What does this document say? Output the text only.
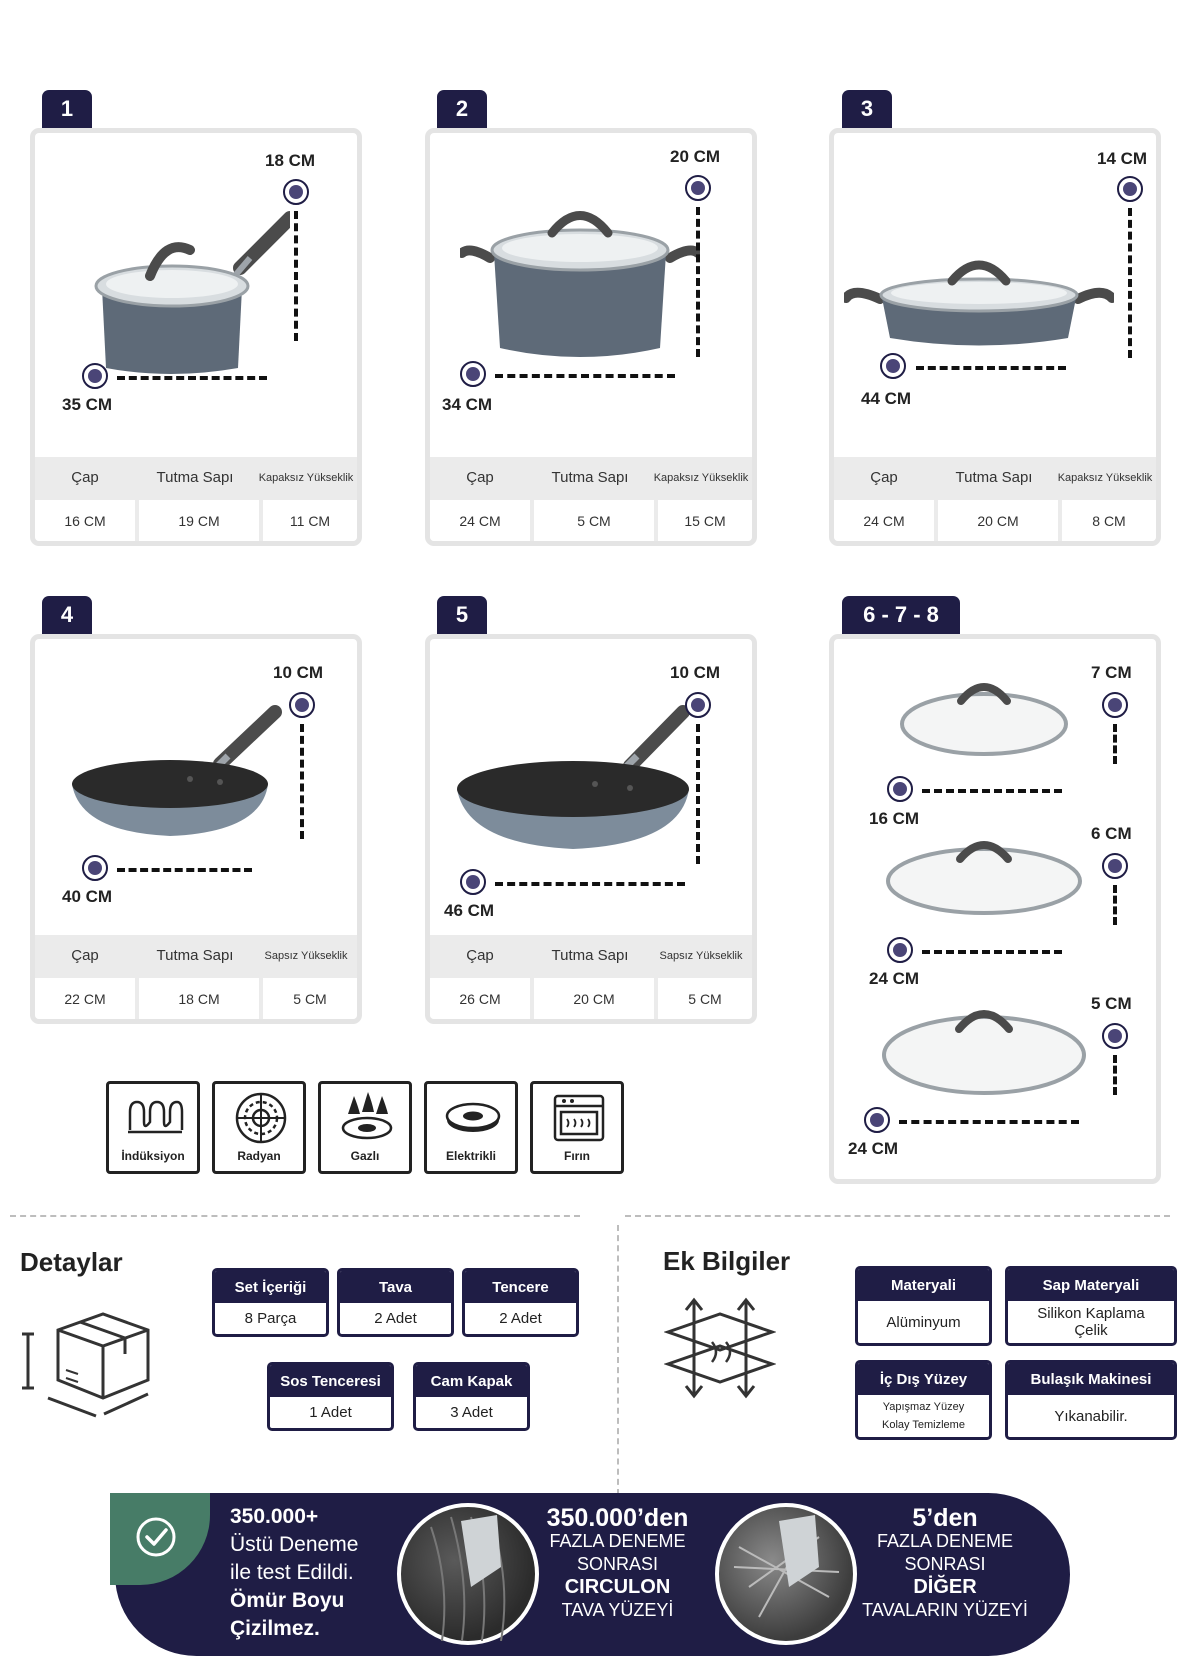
1
18 CM
35 CM
Çap	Tutma Sapı	Kapaksız Yükseklik
16 CM	19 CM	11 CM
2
20 CM
34 CM
Çap	Tutma Sapı	Kapaksız Yükseklik
24 CM	5 CM	15 CM
3
14 CM
44 CM
Çap	Tutma Sapı	Kapaksız Yükseklik
24 CM	20 CM	8 CM
4
10 CM
40 CM
Çap	Tutma Sapı	Sapsız Yükseklik
22 CM	18 CM	5 CM
5
10 CM
46 CM
Çap	Tutma Sapı	Sapsız Yükseklik
26 CM	20 CM	5 CM
6 - 7 - 8
7 CM
16 CM
6 CM
24 CM
5 CM
24 CM
İndüksiyon	Radyan	Gazlı	Elektrikli	Fırın
Detaylar
Set İçeriği
8 Parça
Tava
2 Adet
Tencere
2 Adet
Sos Tenceresi
1 Adet
Cam Kapak
3 Adet
Ek Bilgiler
Materyali
Alüminyum
Sap Materyali
Silikon Kaplama
Çelik
İç Dış Yüzey
Yapışmaz Yüzey
Kolay Temizleme
Bulaşık Makinesi
Yıkanabilir.
350.000+
Üstü Deneme
ile test Edildi.
Ömür Boyu
Çizilmez.
350.000’den
FAZLA DENEME
SONRASI
CIRCULON
TAVA YÜZEYİ
5’den
FAZLA DENEME
SONRASI
DİĞER
TAVALARIN YÜZEYİ
